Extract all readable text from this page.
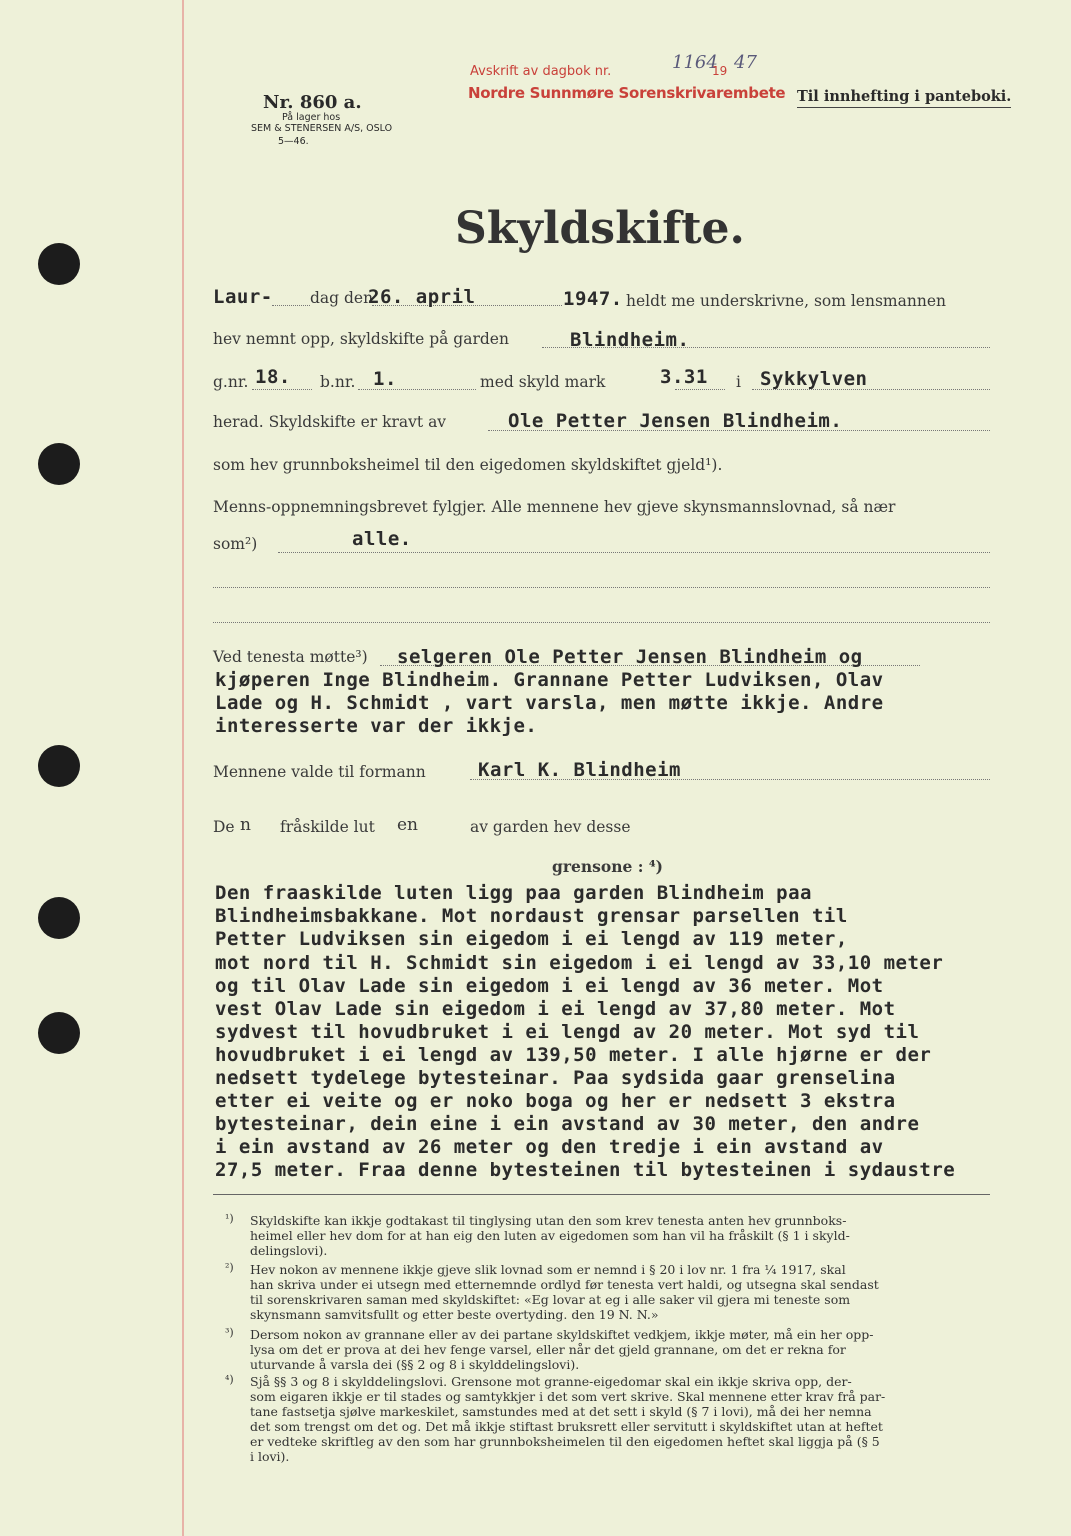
Nr. 860 a.
På lager hos
SEM & STENERSEN A/S, OSLO
5—46.
Avskrift av dagbok nr.	1164
19 47
Nordre Sunnmøre Sorenskrivarembete Til innhefting i panteboki.
Skyldskifte.
Laur- dag den
26. april	1947. heldt me underskrivne, som lensmannen
hev nemnt opp, skyldskifte på garden	Blindheim.
g.nr. 18. b.nr. 1.	med skyld mark	3.31 i Sykkylven
herad. Skyldskifte er kravt av	Ole Petter Jensen Blindheim.
som hev grunnboksheimel til den eigedomen skyldskiftet gjeld¹).
Menns-oppnemningsbrevet fylgjer. Alle mennene hev gjeve skynsmannslovnad, så nær
som²)	alle.
Ved tenesta møtte³) selgeren Ole Petter Jensen Blindheim og
kjøperen Inge Blindheim. Grannane Petter Ludviksen, Olav
Lade og H. Schmidt , vart varsla, men møtte ikkje. Andre
interesserte var der ikkje.
Mennene valde til formann	Karl K. Blindheim
De n fråskilde lut en	av garden hev desse
grensone : ⁴)
Den fraaskilde luten ligg paa garden Blindheim paa
Blindheimsbakkane. Mot nordaust grensar parsellen til
Petter Ludviksen sin eigedom i ei lengd av 119 meter,
mot nord til H. Schmidt sin eigedom i ei lengd av 33,10 meter
og til Olav Lade sin eigedom i ei lengd av 36 meter. Mot
vest Olav Lade sin eigedom i ei lengd av 37,80 meter. Mot
sydvest til hovudbruket i ei lengd av 20 meter. Mot syd til
hovudbruket i ei lengd av 139,50 meter. I alle hjørne er der
nedsett tydelege bytesteinar. Paa sydsida gaar grenselina
etter ei veite og er noko boga og her er nedsett 3 ekstra
bytesteinar, dein eine i ein avstand av 30 meter, den andre
i ein avstand av 26 meter og den tredje i ein avstand av
27,5 meter. Fraa denne bytesteinen til bytesteinen i sydaustre
¹) Skyldskifte kan ikkje godtakast til tinglysing utan den som krev tenesta anten hev grunnboks-
heimel eller hev dom for at han eig den luten av eigedomen som han vil ha fråskilt (§ 1 i skyld-
delingslovi).
²) Hev nokon av mennene ikkje gjeve slik lovnad som er nemnd i § 20 i lov nr. 1 fra ¼ 1917, skal
han skriva under ei utsegn med etternemnde ordlyd før tenesta vert haldi, og utsegna skal sendast
til sorenskrivaren saman med skyldskiftet: «Eg lovar at eg i alle saker vil gjera mi teneste som
skynsmann samvitsfullt og etter beste overtyding. den 19 N. N.»
³) Dersom nokon av grannane eller av dei partane skyldskiftet vedkjem, ikkje møter, må ein her opp-
lysa om det er prova at dei hev fenge varsel, eller når det gjeld grannane, om det er rekna for
uturvande å varsla dei (§§ 2 og 8 i skylddelingslovi).
⁴) Sjå §§ 3 og 8 i skylddelingslovi. Grensone mot granne-eigedomar skal ein ikkje skriva opp, der-
som eigaren ikkje er til stades og samtykkjer i det som vert skrive. Skal mennene etter krav frå par-
tane fastsetja sjølve markeskilet, samstundes med at det sett i skyld (§ 7 i lovi), må dei her nemna
det som trengst om det og. Det må ikkje stiftast bruksrett eller servitutt i skyldskiftet utan at heftet
er vedteke skriftleg av den som har grunnboksheimelen til den eigedomen heftet skal liggja på (§ 5
i lovi).
